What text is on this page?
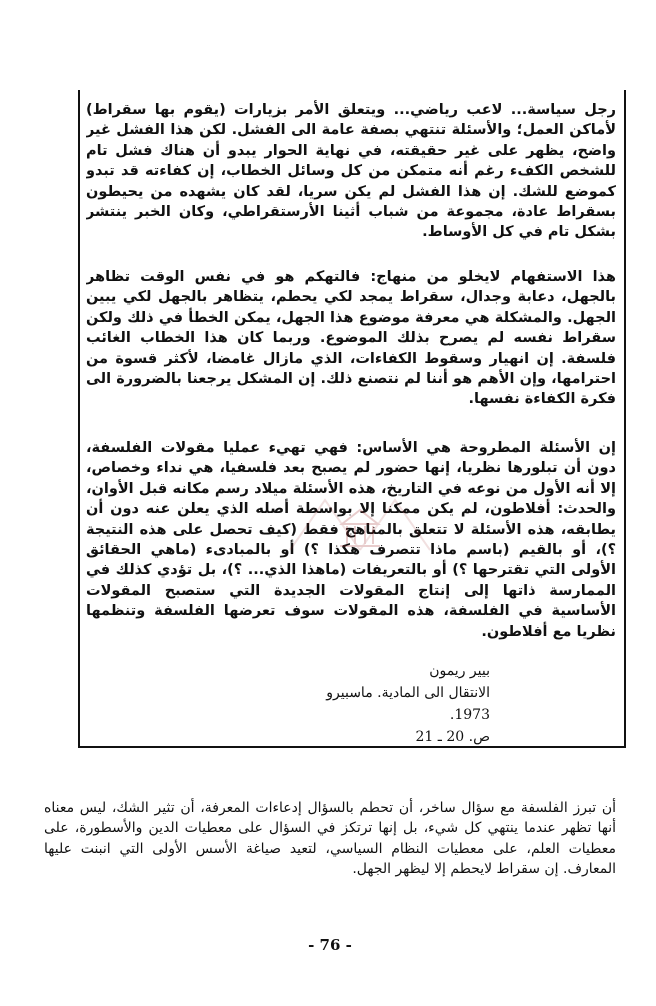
رجل سياسة... لاعب رياضي... ويتعلق الأمر بزيارات (يقوم بها سقراط) لأماكن العمل؛ والأسئلة تنتهي بصفة عامة الى الفشل. لكن هذا الفشل غير واضح، يظهر على غير حقيقته، في نهاية الحوار يبدو أن هناك فشل تام للشخص الكفء رغم أنه متمكن من كل وسائل الخطاب، إن كفاءته قد تبدو كموضع للشك. إن هذا الفشل لم يكن سريا، لقد كان يشهده من يحيطون بسقراط عادة، مجموعة من شباب أثينا الأرستقراطي، وكان الخبر ينتشر بشكل تام في كل الأوساط.

هذا الاستفهام لايخلو من منهاج: فالتهكم هو في نفس الوقت تظاهر بالجهل، دعابة وجدال، سقراط يمجد لكي يحطم، يتظاهر بالجهل لكي يبين الجهل. والمشكلة هي معرفة موضوع هذا الجهل، يمكن الخطأ في ذلك ولكن سقراط نفسه لم يصرح بذلك الموضوع. وربما كان هذا الخطاب الغائب فلسفة. إن انهيار وسقوط الكفاءات، الذي مازال غامضا، لأكثر قسوة من احترامها، وإن الأهم هو أننا لم نتصنع ذلك. إن المشكل يرجعنا بالضرورة الى فكرة الكفاءة نفسها.

إن الأسئلة المطروحة هي الأساس: فهي تهيء عمليا مقولات الفلسفة، دون أن تبلورها نظريا، إنها حضور لم يصبح بعد فلسفيا، هي نداء وخصاص، إلا أنه الأول من نوعه في التاريخ، هذه الأسئلة ميلاد رسم مكانه قبل الأوان، والحدث: أفلاطون، لم يكن ممكنا إلا بواسطة أصله الذي يعلن عنه دون أن يطابقه، هذه الأسئلة لا تتعلق بالمناهج فقط (كيف تحصل على هذه النتيجة ؟)، أو بالقيم (باسم ماذا تتصرف هكذا ؟) أو بالمبادىء (ماهي الحقائق الأولى التي تقترحها ؟) أو بالتعريفات (ماهذا الذي... ؟)، بل تؤدي كذلك في الممارسة ذاتها إلى إنتاج المقولات الجديدة التي ستصبح المقولات الأساسية في الفلسفة، هذه المقولات سوف تعرضها الفلسفة وتنظمها نظريا مع أفلاطون.

بيير ريمون
الانتقال الى المادية. ماسبيرو 1973.
ص. 20 ـ 21

أن تبرز الفلسفة مع سؤال ساخر، أن تحطم بالسؤال إدعاءات المعرفة، أن تثير الشك، ليس معناه أنها تظهر عندما ينتهي كل شيء، بل إنها ترتكز في السؤال على معطيات الدين والأسطورة، على معطيات العلم، على معطيات النظام السياسي، لتعيد صياغة الأسس الأولى التي انبنت عليها المعارف. إن سقراط لايحطم إلا ليظهر الجهل.

- 76 -
